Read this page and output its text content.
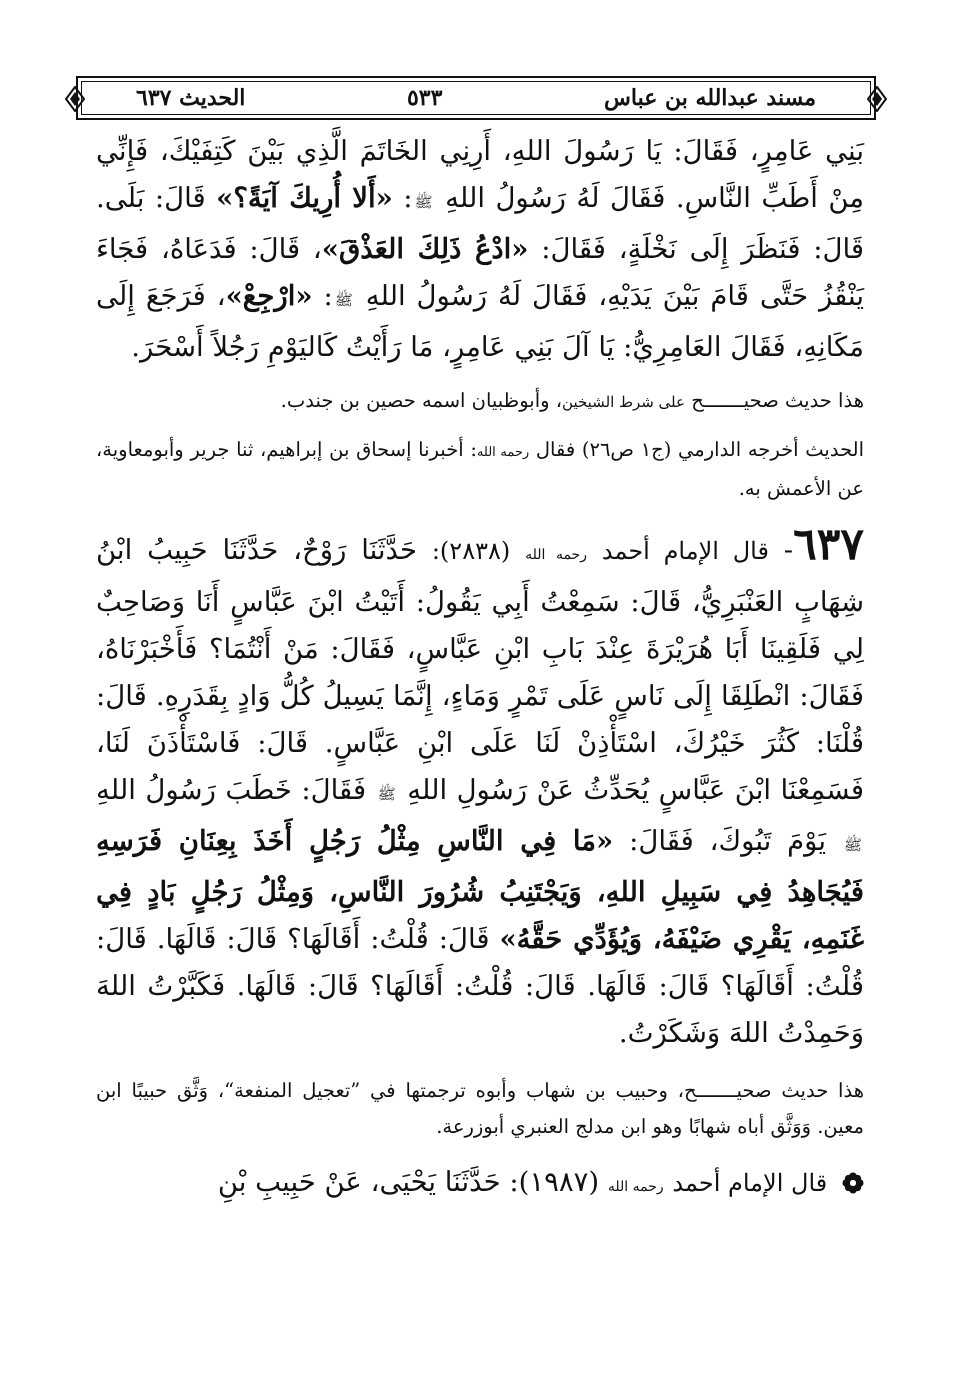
مسند عبدالله بن عباس
٥٣٣
الحديث ٦٣٧

بَنِي عَامِرٍ، فَقَالَ: يَا رَسُولَ اللهِ، أَرِنِي الخَاتَمَ الَّذِي بَيْنَ كَتِفَيْكَ، فَإِنِّي مِنْ أَطَبِّ النَّاسِ. فَقَالَ لَهُ رَسُولُ اللهِ ﷺ: «أَلا أُرِيكَ آيَةً؟» قَالَ: بَلَى. قَالَ: فَنَظَرَ إِلَى نَخْلَةٍ، فَقَالَ: «ادْعُ ذَلِكَ العَذْقَ»، قَالَ: فَدَعَاهُ، فَجَاءَ يَنْقُزُ حَتَّى قَامَ بَيْنَ يَدَيْهِ، فَقَالَ لَهُ رَسُولُ اللهِ ﷺ: «ارْجِعْ»، فَرَجَعَ إِلَى مَكَانِهِ، فَقَالَ العَامِرِيُّ: يَا آلَ بَنِي عَامِرٍ، مَا رَأَيْتُ كَاليَوْمِ رَجُلاً أَسْحَرَ.

هذا حديث صحيـــــــح على شرط الشيخين، وأبوظبيان اسمه حصين بن جندب.

الحديث أخرجه الدارمي (ج١ ص٢٦) فقال رحمه الله: أخبرنا إسحاق بن إبراهيم، ثنا جرير وأبومعاوية، عن الأعمش به.

٦٣٧- قال الإمام أحمد رحمه الله (٢٨٣٨): حَدَّثَنَا رَوْحٌ، حَدَّثَنَا حَبِيبُ ابْنُ شِهَابٍ العَنْبَرِيُّ، قَالَ: سَمِعْتُ أَبِي يَقُولُ: أَتَيْتُ ابْنَ عَبَّاسٍ أَنَا وَصَاحِبٌ لِي فَلَقِينَا أَبَا هُرَيْرَةَ عِنْدَ بَابِ ابْنِ عَبَّاسٍ، فَقَالَ: مَنْ أَنْتُمَا؟ فَأَخْبَرْنَاهُ، فَقَالَ: انْطَلِقَا إِلَى نَاسٍ عَلَى تَمْرٍ وَمَاءٍ، إِنَّمَا يَسِيلُ كُلُّ وَادٍ بِقَدَرِهِ. قَالَ: قُلْنَا: كَثُرَ خَيْرُكَ، اسْتَأْذِنْ لَنَا عَلَى ابْنِ عَبَّاسٍ. قَالَ: فَاسْتَأْذَنَ لَنَا، فَسَمِعْنَا ابْنَ عَبَّاسٍ يُحَدِّثُ عَنْ رَسُولِ اللهِ ﷺ فَقَالَ: خَطَبَ رَسُولُ اللهِ ﷺ يَوْمَ تَبُوكَ، فَقَالَ: «مَا فِي النَّاسِ مِثْلُ رَجُلٍ أَخَذَ بِعِنَانِ فَرَسِهِ فَيُجَاهِدُ فِي سَبِيلِ اللهِ، وَيَجْتَنِبُ شُرُورَ النَّاسِ، وَمِثْلُ رَجُلٍ بَادٍ فِي غَنَمِهِ، يَقْرِي ضَيْفَهُ، وَيُؤَدِّي حَقَّهُ» قَالَ: قُلْتُ: أَقَالَهَا؟ قَالَ: قَالَهَا. قَالَ: قُلْتُ: أَقَالَهَا؟ قَالَ: قَالَهَا. قَالَ: قُلْتُ: أَقَالَهَا؟ قَالَ: قَالَهَا. فَكَبَّرْتُ اللهَ وَحَمِدْتُ اللهَ وَشَكَرْتُ.

هذا حديث صحيـــــــح، وحبيب بن شهاب وأبوه ترجمتها في ”تعجيل المنفعة“، وَثَّق حبيبًا ابن معين. وَوَثَّق أباه شهابًا وهو ابن مدلج العنبري أبوزرعة.

قال الإمام أحمد رحمه الله (١٩٨٧): حَدَّثَنَا يَحْيَى، عَنْ حَبِيبِ بْنِ
